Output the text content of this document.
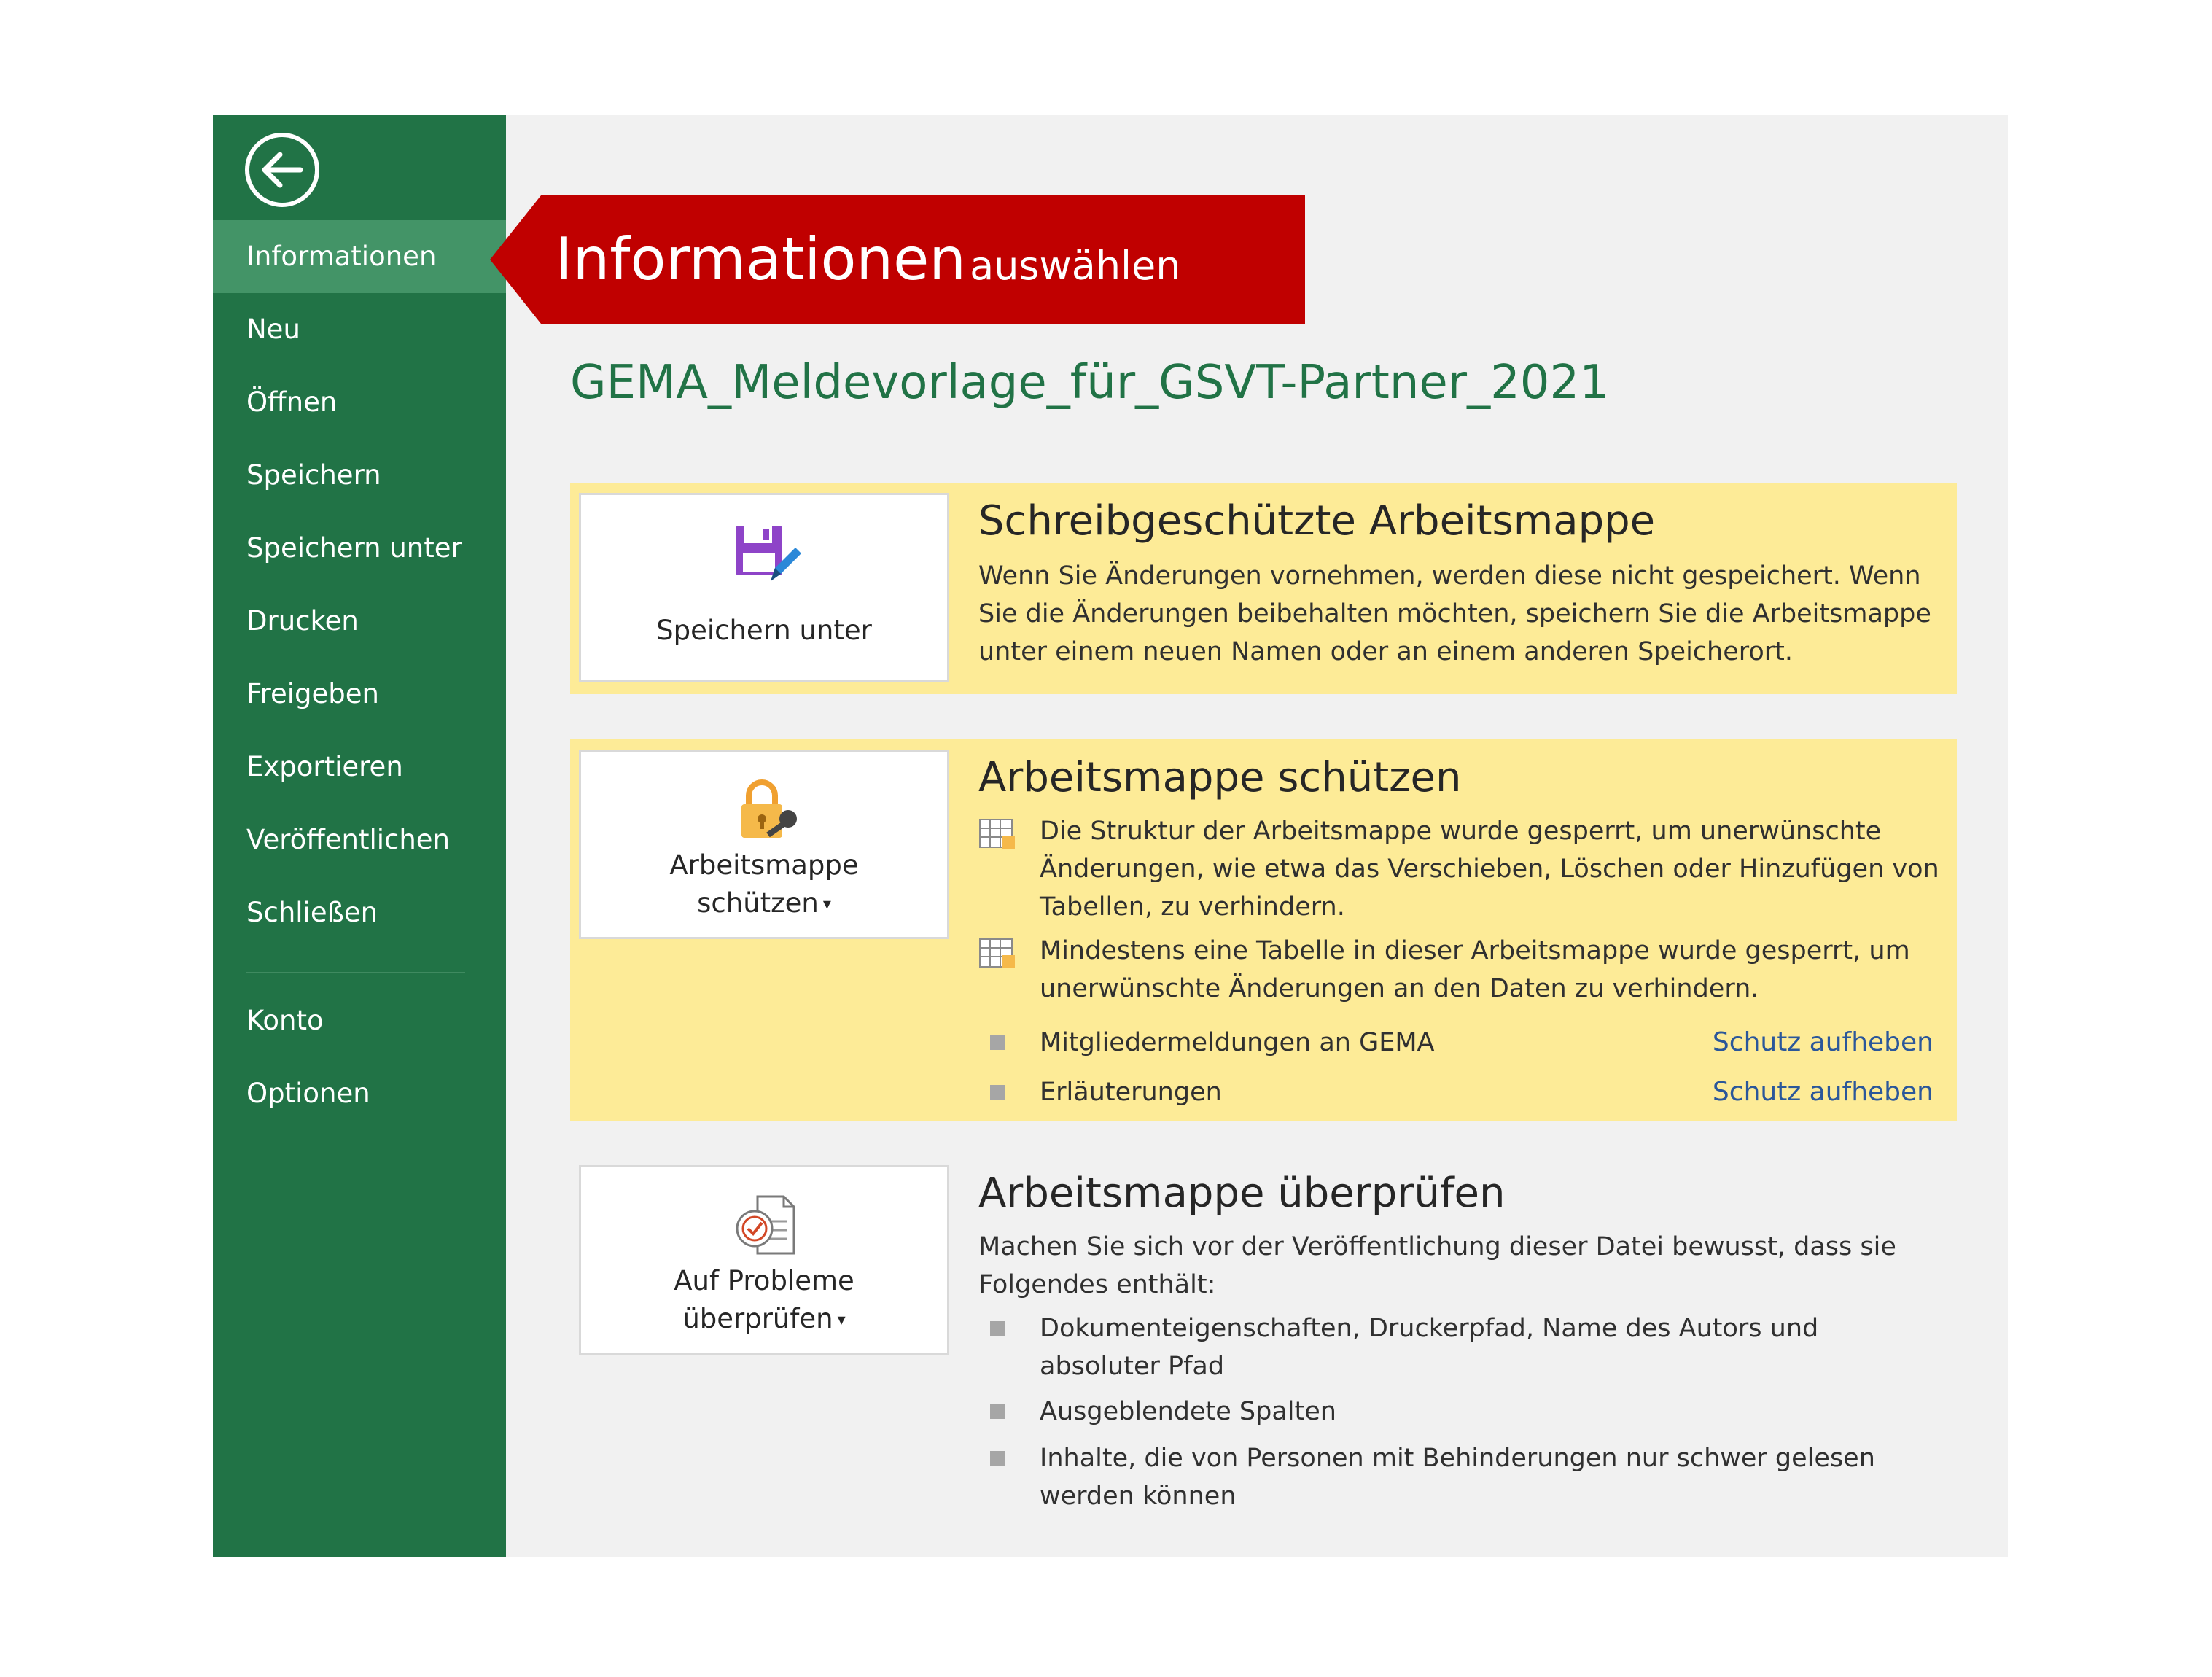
Informationen
Neu
Öffnen
Speichern
Speichern unter
Drucken
Freigeben
Exportieren
Veröffentlichen
Schließen
Konto
Optionen
Informationen auswählen
GEMA_Meldevorlage_für_GSVT-Partner_2021
Speichern unter
Schreibgeschützte Arbeitsmappe
Wenn Sie Änderungen vornehmen, werden diese nicht gespeichert. Wenn Sie die Änderungen beibehalten möchten, speichern Sie die Arbeitsmappe unter einem neuen Namen oder an einem anderen Speicherort.
Arbeitsmappe
schützen ▾
Arbeitsmappe schützen
Die Struktur der Arbeitsmappe wurde gesperrt, um unerwünschte Änderungen, wie etwa das Verschieben, Löschen oder Hinzufügen von Tabellen, zu verhindern.
Mindestens eine Tabelle in dieser Arbeitsmappe wurde gesperrt, um unerwünschte Änderungen an den Daten zu verhindern.
Mitgliedermeldungen an GEMA	Schutz aufheben
Erläuterungen	Schutz aufheben
Auf Probleme
überprüfen ▾
Arbeitsmappe überprüfen
Machen Sie sich vor der Veröffentlichung dieser Datei bewusst, dass sie Folgendes enthält:
Dokumenteigenschaften, Druckerpfad, Name des Autors und absoluter Pfad
Ausgeblendete Spalten
Inhalte, die von Personen mit Behinderungen nur schwer gelesen werden können
